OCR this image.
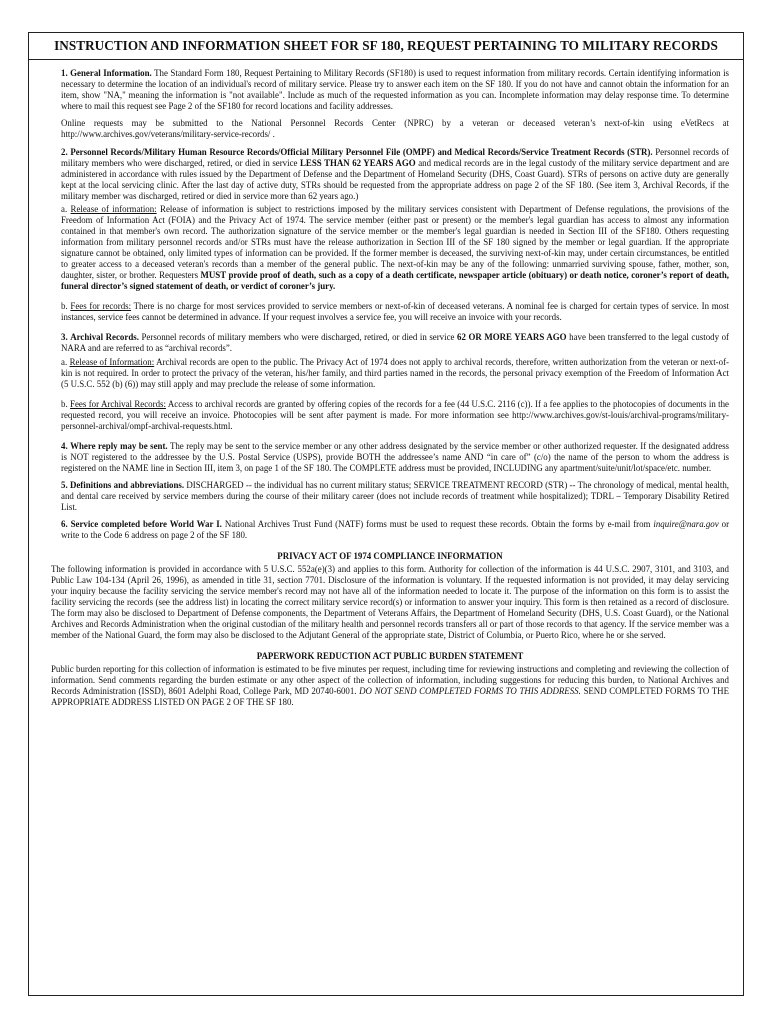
INSTRUCTION AND INFORMATION SHEET FOR SF 180, REQUEST PERTAINING TO MILITARY RECORDS

1. General Information. The Standard Form 180, Request Pertaining to Military Records (SF180) is used to request information from military records. Certain identifying information is necessary to determine the location of an individual's record of military service. Please try to answer each item on the SF 180. If you do not have and cannot obtain the information for an item, show "NA," meaning the information is "not available". Include as much of the requested information as you can. Incomplete information may delay response time. To determine where to mail this request see Page 2 of the SF180 for record locations and facility addresses.

Online requests may be submitted to the National Personnel Records Center (NPRC) by a veteran or deceased veteran’s next-of-kin using eVetRecs at http://www.archives.gov/veterans/military-service-records/ .

2. Personnel Records/Military Human Resource Records/Official Military Personnel File (OMPF) and Medical Records/Service Treatment Records (STR). Personnel records of military members who were discharged, retired, or died in service LESS THAN 62 YEARS AGO and medical records are in the legal custody of the military service department and are administered in accordance with rules issued by the Department of Defense and the Department of Homeland Security (DHS, Coast Guard). STRs of persons on active duty are generally kept at the local servicing clinic. After the last day of active duty, STRs should be requested from the appropriate address on page 2 of the SF 180. (See item 3, Archival Records, if the military member was discharged, retired or died in service more than 62 years ago.)

a. Release of information: Release of information is subject to restrictions imposed by the military services consistent with Department of Defense regulations, the provisions of the Freedom of Information Act (FOIA) and the Privacy Act of 1974. The service member (either past or present) or the member's legal guardian has access to almost any information contained in that member's own record. The authorization signature of the service member or the member's legal guardian is needed in Section III of the SF180. Others requesting information from military personnel records and/or STRs must have the release authorization in Section III of the SF 180 signed by the member or legal guardian. If the appropriate signature cannot be obtained, only limited types of information can be provided. If the former member is deceased, the surviving next-of-kin may, under certain circumstances, be entitled to greater access to a deceased veteran's records than a member of the general public. The next-of-kin may be any of the following: unmarried surviving spouse, father, mother, son, daughter, sister, or brother. Requesters MUST provide proof of death, such as a copy of a death certificate, newspaper article (obituary) or death notice, coroner’s report of death, funeral director’s signed statement of death, or verdict of coroner’s jury.

b. Fees for records: There is no charge for most services provided to service members or next-of-kin of deceased veterans. A nominal fee is charged for certain types of service. In most instances, service fees cannot be determined in advance. If your request involves a service fee, you will receive an invoice with your records.

3. Archival Records. Personnel records of military members who were discharged, retired, or died in service 62 OR MORE YEARS AGO have been transferred to the legal custody of NARA and are referred to as “archival records”.

a. Release of Information: Archival records are open to the public. The Privacy Act of 1974 does not apply to archival records, therefore, written authorization from the veteran or next-of-kin is not required. In order to protect the privacy of the veteran, his/her family, and third parties named in the records, the personal privacy exemption of the Freedom of Information Act (5 U.S.C. 552 (b) (6)) may still apply and may preclude the release of some information.

b. Fees for Archival Records: Access to archival records are granted by offering copies of the records for a fee (44 U.S.C. 2116 (c)). If a fee applies to the photocopies of documents in the requested record, you will receive an invoice. Photocopies will be sent after payment is made. For more information see http://www.archives.gov/st-louis/archival-programs/military-personnel-archival/ompf-archival-requests.html.

4. Where reply may be sent. The reply may be sent to the service member or any other address designated by the service member or other authorized requester. If the designated address is NOT registered to the addressee by the U.S. Postal Service (USPS), provide BOTH the addressee’s name AND “in care of” (c/o) the name of the person to whom the address is registered on the NAME line in Section III, item 3, on page 1 of the SF 180. The COMPLETE address must be provided, INCLUDING any apartment/suite/unit/lot/space/etc. number.

5. Definitions and abbreviations. DISCHARGED -- the individual has no current military status; SERVICE TREATMENT RECORD (STR) -- The chronology of medical, mental health, and dental care received by service members during the course of their military career (does not include records of treatment while hospitalized); TDRL – Temporary Disability Retired List.

6. Service completed before World War I. National Archives Trust Fund (NATF) forms must be used to request these records. Obtain the forms by e-mail from inquire@nara.gov or write to the Code 6 address on page 2 of the SF 180.

PRIVACY ACT OF 1974 COMPLIANCE INFORMATION

The following information is provided in accordance with 5 U.S.C. 552a(e)(3) and applies to this form. Authority for collection of the information is 44 U.S.C. 2907, 3101, and 3103, and Public Law 104-134 (April 26, 1996), as amended in title 31, section 7701. Disclosure of the information is voluntary. If the requested information is not provided, it may delay servicing your inquiry because the facility servicing the service member's record may not have all of the information needed to locate it. The purpose of the information on this form is to assist the facility servicing the records (see the address list) in locating the correct military service record(s) or information to answer your inquiry. This form is then retained as a record of disclosure. The form may also be disclosed to Department of Defense components, the Department of Veterans Affairs, the Department of Homeland Security (DHS, U.S. Coast Guard), or the National Archives and Records Administration when the original custodian of the military health and personnel records transfers all or part of those records to that agency. If the service member was a member of the National Guard, the form may also be disclosed to the Adjutant General of the appropriate state, District of Columbia, or Puerto Rico, where he or she served.

PAPERWORK REDUCTION ACT PUBLIC BURDEN STATEMENT

Public burden reporting for this collection of information is estimated to be five minutes per request, including time for reviewing instructions and completing and reviewing the collection of information. Send comments regarding the burden estimate or any other aspect of the collection of information, including suggestions for reducing this burden, to National Archives and Records Administration (ISSD), 8601 Adelphi Road, College Park, MD 20740-6001. DO NOT SEND COMPLETED FORMS TO THIS ADDRESS. SEND COMPLETED FORMS TO THE APPROPRIATE ADDRESS LISTED ON PAGE 2 OF THE SF 180.
